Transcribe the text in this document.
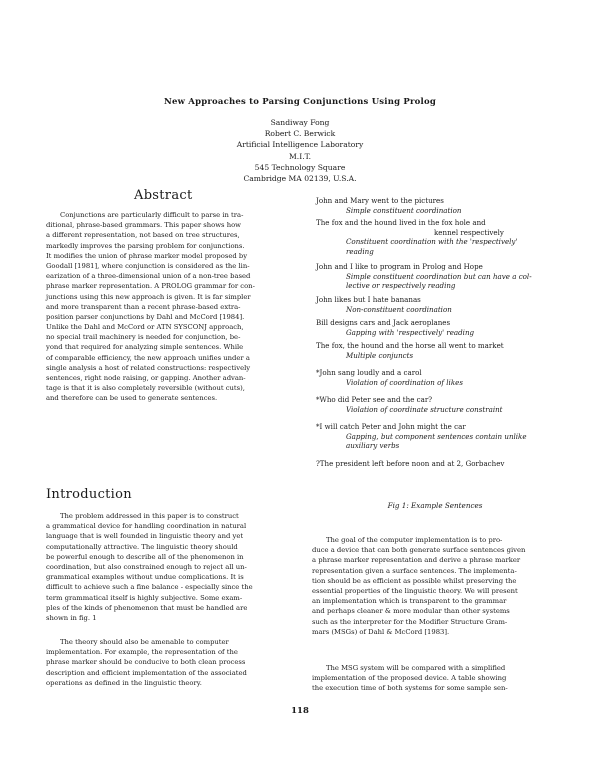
New Approaches to Parsing Conjunctions Using Prolog
Sandiway Fong
Robert C. Berwick
Artificial Intelligence Laboratory
M.I.T.
545 Technology Square
Cambridge MA 02139, U.S.A.
Abstract
Conjunctions are particularly difficult to parse in tra-
ditional, phrase-based grammars. This paper shows how
a different representation, not based on tree structures,
markedly improves the parsing problem for conjunctions.
It modifies the union of phrase marker model proposed by
Goodall [1981], where conjunction is considered as the lin-
earization of a three-dimensional union of a non-tree based
phrase marker representation. A PROLOG grammar for con-
junctions using this new approach is given. It is far simpler
and more transparent than a recent phrase-based extra-
position parser conjunctions by Dahl and McCord [1984].
Unlike the Dahl and McCord or ATN SYSCONJ approach,
no special trail machinery is needed for conjunction, be-
yond that required for analyzing simple sentences. While
of comparable efficiency, the new approach unifies under a
single analysis a host of related constructions: respectively
sentences, right node raising, or gapping. Another advan-
tage is that it is also completely reversible (without cuts),
and therefore can be used to generate sentences.
John and Mary went to the pictures
Simple constituent coordination
The fox and the hound lived in the fox hole and
kennel respectively
Constituent coordination with the 'respectively'
reading
John and I like to program in Prolog and Hope
Simple constituent coordination but can have a col-
lective or respectively reading
John likes but I hate bananas
Non-constituent coordination
Bill designs cars and Jack aeroplanes
Gapping with 'respectively' reading
The fox, the hound and the horse all went to market
Multiple conjuncts
*John sang loudly and a carol
Violation of coordination of likes
*Who did Peter see and the car?
Violation of coordinate structure constraint
*I will catch Peter and John might the car
Gapping, but component sentences contain unlike
auxiliary verbs
?The president left before noon and at 2, Gorbachev
Fig 1: Example Sentences
Introduction
The problem addressed in this paper is to construct
a grammatical device for handling coordination in natural
language that is well founded in linguistic theory and yet
computationally attractive. The linguistic theory should
be powerful enough to describe all of the phenomenon in
coordination, but also constrained enough to reject all un-
grammatical examples without undue complications. It is
difficult to achieve such a fine balance - especially since the
term grammatical itself is highly subjective. Some exam-
ples of the kinds of phenomenon that must be handled are
shown in fig. 1
The theory should also be amenable to computer
implementation. For example, the representation of the
phrase marker should be conducive to both clean process
description and efficient implementation of the associated
operations as defined in the linguistic theory.
The goal of the computer implementation is to pro-
duce a device that can both generate surface sentences given
a phrase marker representation and derive a phrase marker
representation given a surface sentences. The implementa-
tion should be as efficient as possible whilst preserving the
essential properties of the linguistic theory. We will present
an implementation which is transparent to the grammar
and perhaps cleaner & more modular than other systems
such as the interpreter for the Modifier Structure Gram-
mars (MSGs) of Dahl & McCord [1983].
The MSG system will be compared with a simplified
implementation of the proposed device. A table showing
the execution time of both systems for some sample sen-
118
